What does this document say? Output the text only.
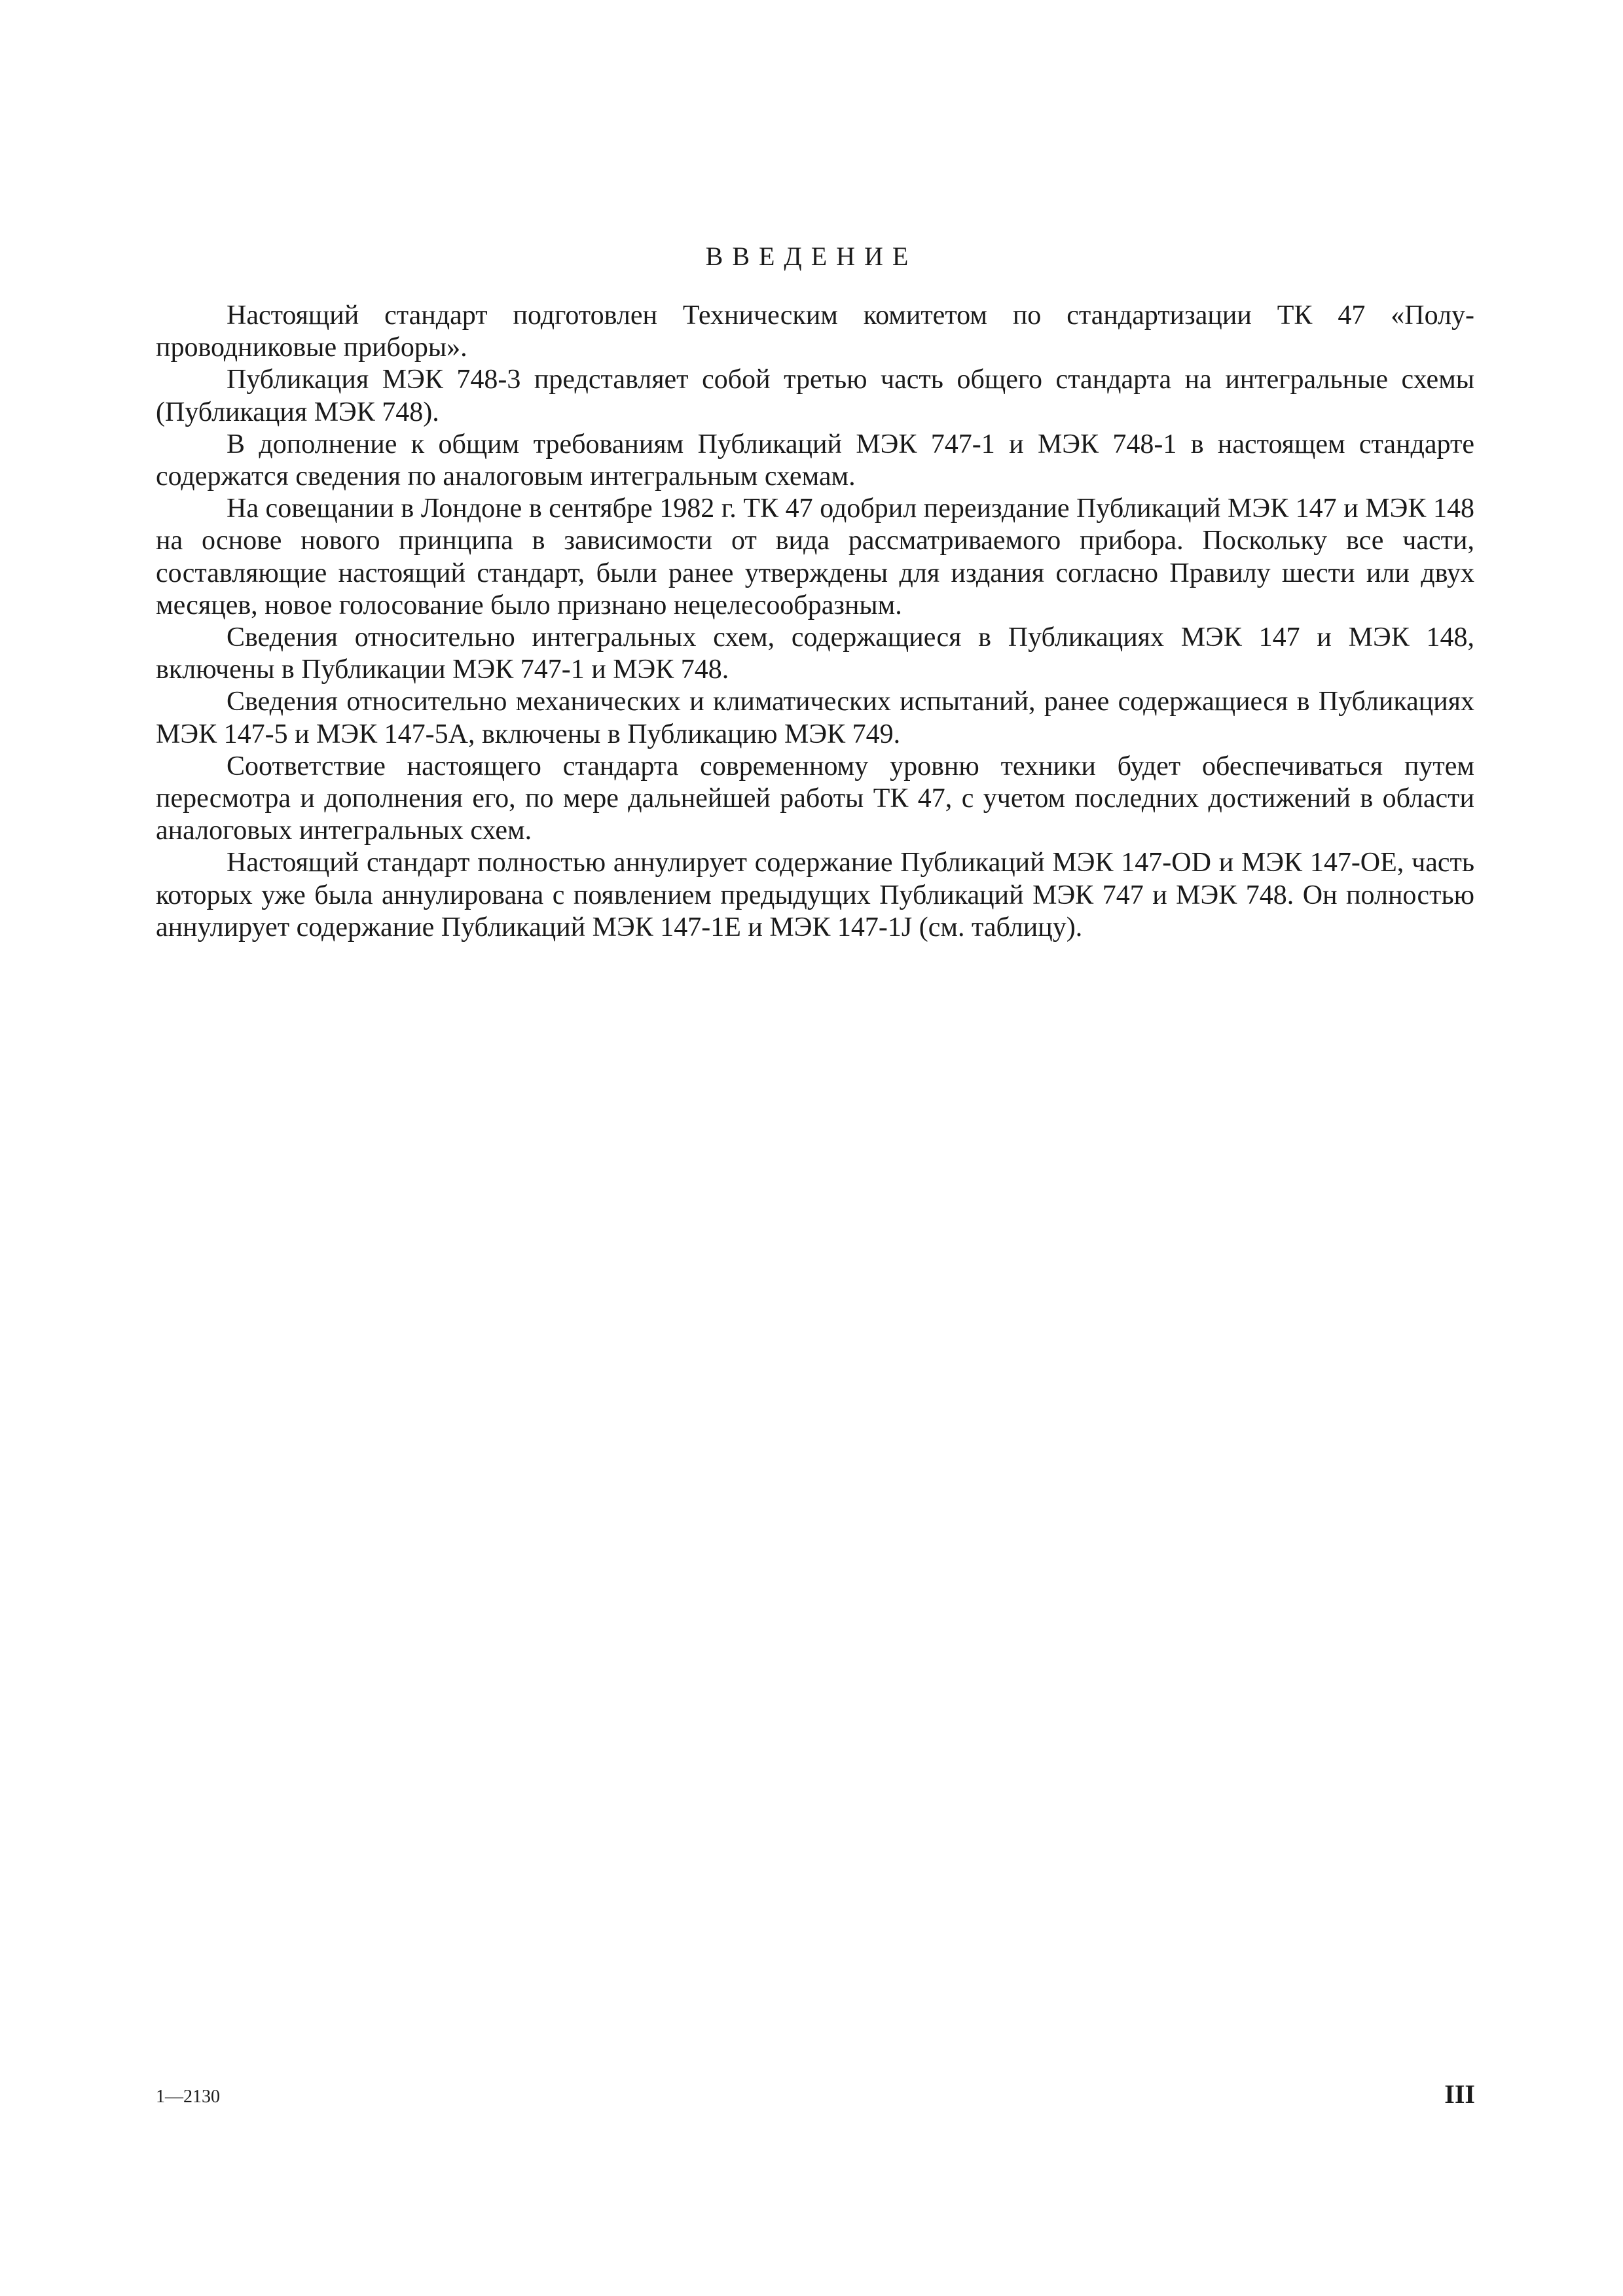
ВВЕДЕНИЕ

Настоящий стандарт подготовлен Техническим комитетом по стандартизации ТК 47 «Полупроводниковые приборы».

Публикация МЭК 748-3 представляет собой третью часть общего стандарта на интегральные схемы (Публикация МЭК 748).

В дополнение к общим требованиям Публикаций МЭК 747-1 и МЭК 748-1 в настоящем стандарте содержатся сведения по аналоговым интегральным схемам.

На совещании в Лондоне в сентябре 1982 г. ТК 47 одобрил переиздание Публикаций МЭК 147 и МЭК 148 на основе нового принципа в зависимости от вида рассматриваемого прибора. Поскольку все части, составляющие настоящий стандарт, были ранее утверждены для издания согласно Правилу шести или двух месяцев, новое голосование было признано нецелесообразным.

Сведения относительно интегральных схем, содержащиеся в Публикациях МЭК 147 и МЭК 148, включены в Публикации МЭК 747-1 и МЭК 748.

Сведения относительно механических и климатических испытаний, ранее содержащиеся в Публикациях МЭК 147-5 и МЭК 147-5А, включены в Публикацию МЭК 749.

Соответствие настоящего стандарта современному уровню техники будет обеспечиваться путем пересмотра и дополнения его, по мере дальнейшей работы ТК 47, с учетом последних достижений в области аналоговых интегральных схем.

Настоящий стандарт полностью аннулирует содержание Публикаций МЭК 147-OD и МЭК 147-OE, часть которых уже была аннулирована с появлением предыдущих Публикаций МЭК 747 и МЭК 748. Он полностью аннулирует содержание Публикаций МЭК 147-1E и МЭК 147-1J (см. таблицу).

1—2130	III
